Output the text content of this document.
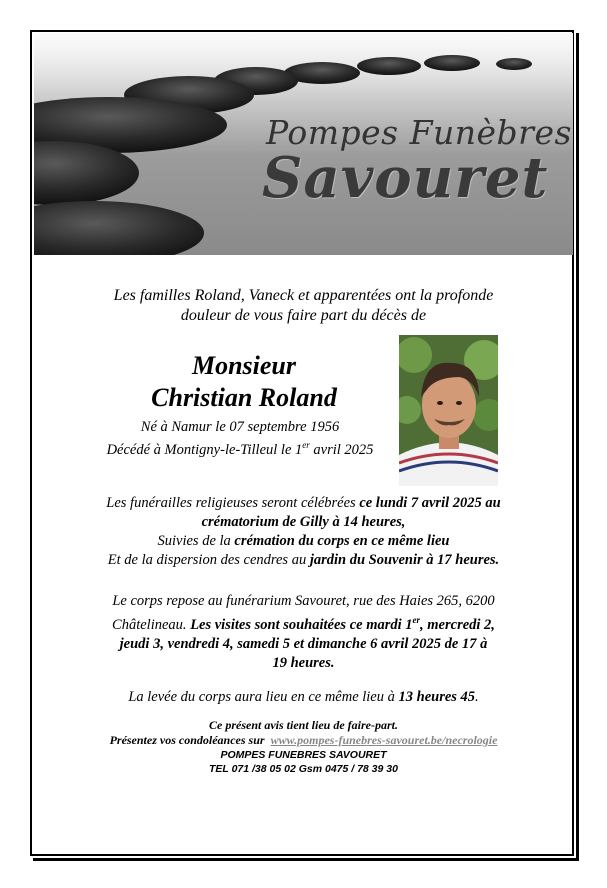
Pompes Funèbres
Savouret
Les familles Roland, Vaneck et apparentées ont la profonde
douleur de vous faire part du décès de
Monsieur
Christian Roland
Né à Namur le 07 septembre 1956
Décédé à Montigny-le-Tilleul le 1er avril 2025
Les funérailles religieuses seront célébrées ce lundi 7 avril 2025 au
crématorium de Gilly à 14 heures,
Suivies de la crémation du corps en ce même lieu
Et de la dispersion des cendres au jardin du Souvenir à 17 heures.
Le corps repose au funérarium Savouret, rue des Haies 265, 6200
Châtelineau. Les visites sont souhaitées ce mardi 1er, mercredi 2,
jeudi 3, vendredi 4, samedi 5 et dimanche 6 avril 2025 de 17 à
19 heures.
La levée du corps aura lieu en ce même lieu à 13 heures 45.
Ce présent avis tient lieu de faire-part.
Présentez vos condoléances sur  www.pompes-funebres-savouret.be/necrologie
POMPES FUNEBRES SAVOURET
TEL 071 /38 05 02 Gsm 0475 / 78 39 30
